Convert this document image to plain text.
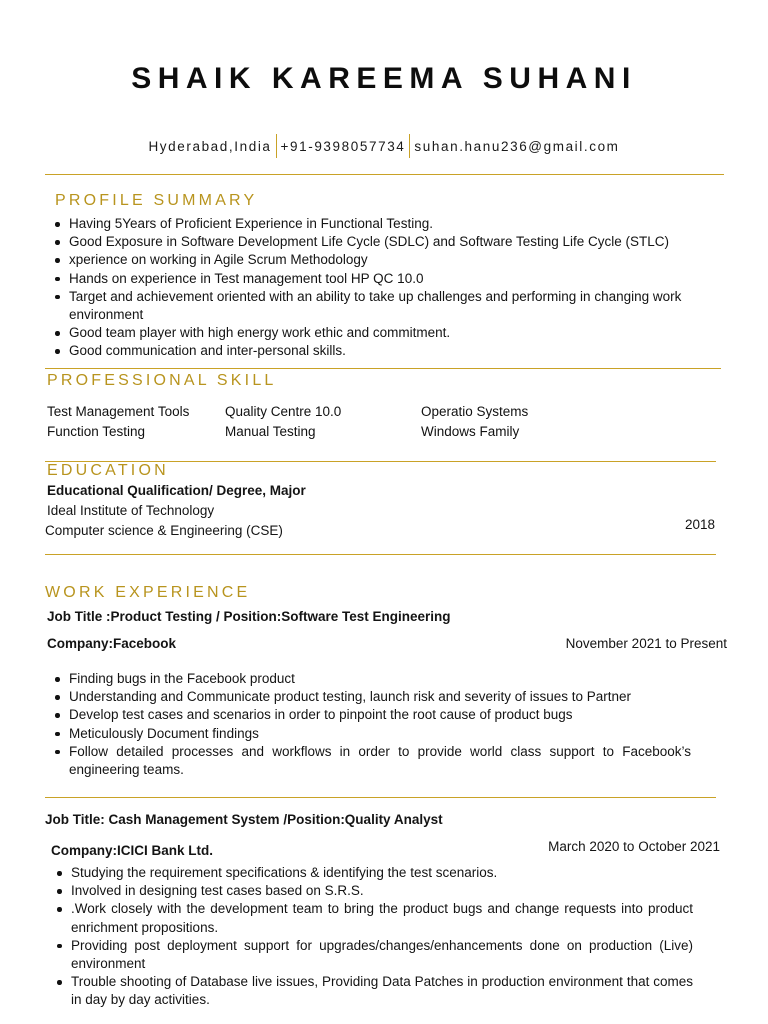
SHAIK KAREEMA SUHANI
Hyderabad,India +91-9398057734 suhan.hanu236@gmail.com
PROFILE SUMMARY
Having 5Years of Proficient Experience in Functional Testing.
Good Exposure in Software Development Life Cycle (SDLC) and Software Testing Life Cycle (STLC)
xperience on working in Agile Scrum Methodology
Hands on experience in Test management tool HP QC 10.0
Target and achievement oriented with an ability to take up challenges and performing in changing work environment
Good team player with high energy work ethic and commitment.
Good communication and inter-personal skills.
PROFESSIONAL SKILL
Test Management Tools	Quality Centre 10.0	Operatio Systems
Function Testing	Manual Testing	Windows Family
EDUCATION
Educational Qualification/ Degree, Major
Ideal Institute of Technology
Computer science & Engineering (CSE)	2018
WORK EXPERIENCE
Job Title :Product Testing / Position:Software Test Engineering
Company:Facebook	November 2021 to Present
Finding bugs in the Facebook product
Understanding and Communicate product testing, launch risk and severity of issues to Partner
Develop test cases and scenarios in order to pinpoint the root cause of product bugs
Meticulously Document findings
Follow detailed processes and workflows in order to provide world class support to Facebook’s engineering teams.
Job Title: Cash Management System /Position:Quality Analyst
Company:ICICI Bank Ltd.	March 2020 to October 2021
Studying the requirement specifications & identifying the test scenarios.
Involved in designing test cases based on S.R.S.
.Work closely with the development team to bring the product bugs and change requests into product enrichment propositions.
Providing post deployment support for upgrades/changes/enhancements done on production (Live) environment
Trouble shooting of Database live issues, Providing Data Patches in production environment that comes in day by day activities.
